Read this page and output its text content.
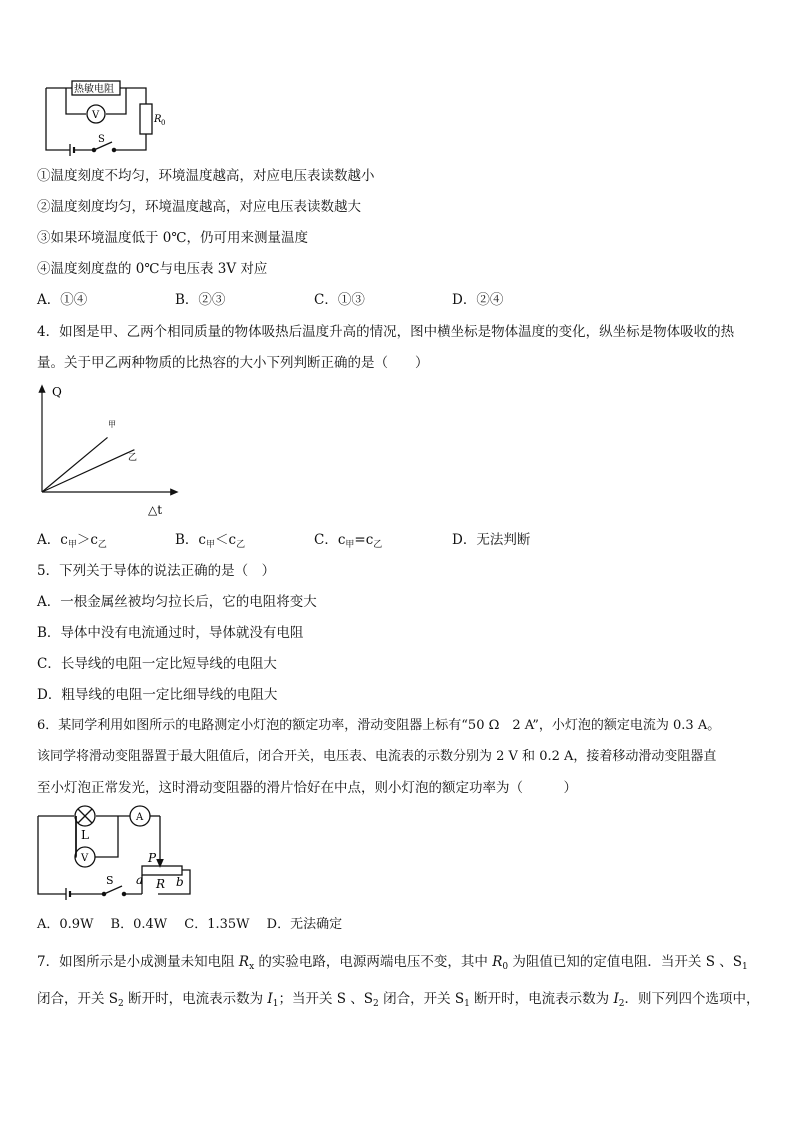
热敏电阻
V	R 0
S
①温度刻度不均匀，环境温度越高，对应电压表读数越小
②温度刻度均匀，环境温度越高，对应电压表读数越大
③如果环境温度低于 0℃，仍可用来测量温度
④温度刻度盘的 0℃与电压表 3V 对应
A．①④	B．②③	C．①③	D．②④
4．如图是甲、乙两个相同质量的物体吸热后温度升高的情况，图中横坐标是物体温度的变化，纵坐标是物体吸收的热
量。关于甲乙两种物质的比热容的大小下列判断正确的是（　　）
Q
△t
甲
乙
A．$c_甲>c_乙$	B．$c_甲<c_乙$	C．$c_甲=c_乙$	D．无法判断
5．下列关于导体的说法正确的是（　）
A．一根金属丝被均匀拉长后，它的电阻将变大
B．导体中没有电流通过时，导体就没有电阻
C．长导线的电阻一定比短导线的电阻大
D．粗导线的电阻一定比细导线的电阻大
6．某同学利用如图所示的电路测定小灯泡的额定功率，滑动变阻器上标有“50 Ω　2 A”，小灯泡的额定电流为 0.3 A。
该同学将滑动变阻器置于最大阻值后，闭合开关，电压表、电流表的示数分别为 2 V 和 0.2 A，接着移动滑动变阻器直
至小灯泡正常发光，这时滑动变阻器的滑片恰好在中点，则小灯泡的额定功率为（　　　）
L
V
A
P
a R b
S
A．0.9W　 B．0.4W　 C．1.35W　 D．无法确定
7．如图所示是小成测量未知电阻 $R_x$ 的实验电路，电源两端电压不变，其中 $R_0$ 为阻值已知的定值电阻．当开关 S 、$S_1$
闭合，开关 $S_2$ 断开时，电流表示数为 $I_1$；当开关 S 、$S_2$ 闭合，开关 $S_1$ 断开时，电流表示数为 $I_2$．则下列四个选项中，
